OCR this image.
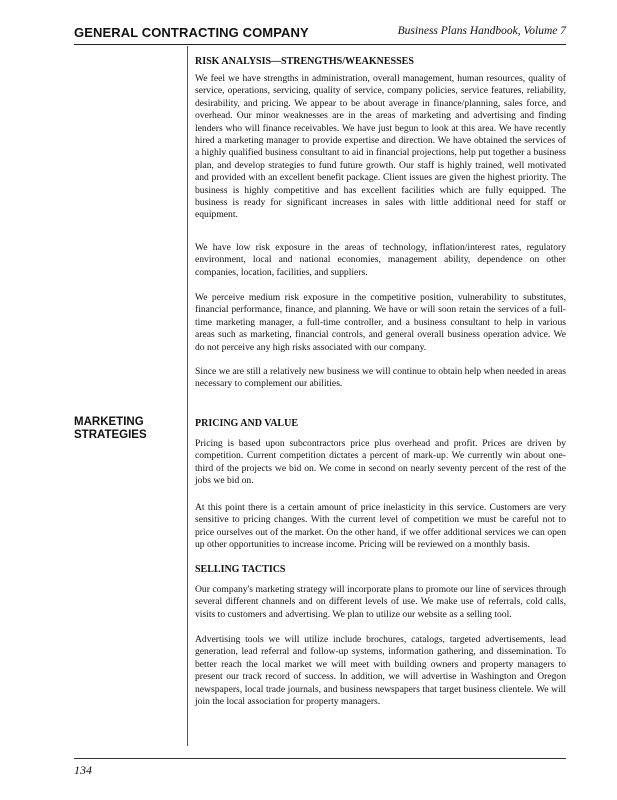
GENERAL CONTRACTING COMPANY	Business Plans Handbook, Volume 7
MARKETING
STRATEGIES
RISK ANALYSIS—STRENGTHS/WEAKNESSES

We feel we have strengths in administration, overall management, human resources, quality of service, operations, servicing, quality of service, company policies, service features, reliability, desirability, and pricing. We appear to be about average in finance/planning, sales force, and overhead. Our minor weaknesses are in the areas of marketing and advertising and finding lenders who will finance receivables. We have just begun to look at this area. We have recently hired a marketing manager to provide expertise and direction. We have obtained the services of a highly qualified business consultant to aid in financial projections, help put together a business plan, and develop strategies to fund future growth. Our staff is highly trained, well motivated and provided with an excellent benefit package. Client issues are given the highest priority. The business is highly competitive and has excellent facilities which are fully equipped. The business is ready for significant increases in sales with little additional need for staff or equipment.

We have low risk exposure in the areas of technology, inflation/interest rates, regulatory environment, local and national economies, management ability, dependence on other companies, location, facilities, and suppliers.

We perceive medium risk exposure in the competitive position, vulnerability to substitutes, financial performance, finance, and planning. We have or will soon retain the services of a full-time marketing manager, a full-time controller, and a business consultant to help in various areas such as marketing, financial controls, and general overall business operation advice. We do not perceive any high risks associated with our company.

Since we are still a relatively new business we will continue to obtain help when needed in areas necessary to complement our abilities.

PRICING AND VALUE

Pricing is based upon subcontractors price plus overhead and profit. Prices are driven by competition. Current competition dictates a percent of mark-up. We currently win about one-third of the projects we bid on. We come in second on nearly seventy percent of the rest of the jobs we bid on.

At this point there is a certain amount of price inelasticity in this service. Customers are very sensitive to pricing changes. With the current level of competition we must be careful not to price ourselves out of the market. On the other hand, if we offer additional services we can open up other opportunities to increase income. Pricing will be reviewed on a monthly basis.

SELLING TACTICS

Our company's marketing strategy will incorporate plans to promote our line of services through several different channels and on different levels of use. We make use of referrals, cold calls, visits to customers and advertising. We plan to utilize our website as a selling tool.

Advertising tools we will utilize include brochures, catalogs, targeted advertisements, lead generation, lead referral and follow-up systems, information gathering, and dissemination. To better reach the local market we will meet with building owners and property managers to present our track record of success. In addition, we will advertise in Washington and Oregon newspapers, local trade journals, and business newspapers that target business clientele. We will join the local association for property managers.

134
